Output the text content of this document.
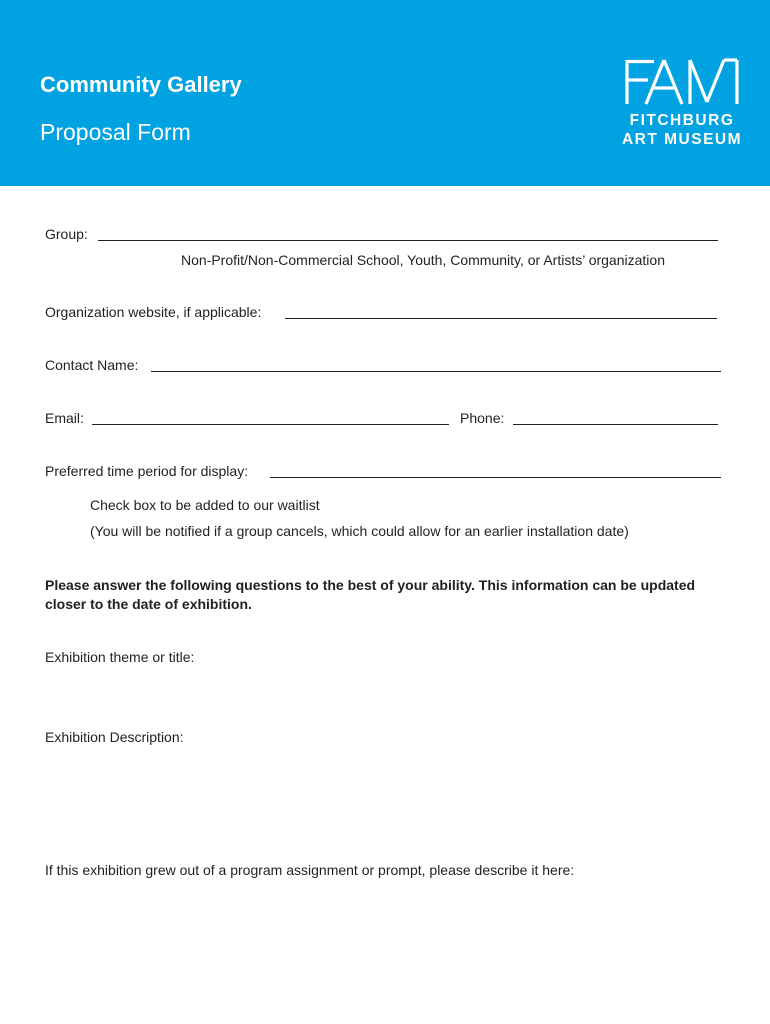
Community Gallery
Proposal Form	FITCHBURG
ART MUSEUM
Group:
Non-Profit/Non-Commercial School, Youth, Community, or Artists’ organization
Organization website, if applicable:
Contact Name:
Email:	Phone:
Preferred time period for display:
Check box to be added to our waitlist
(You will be notified if a group cancels, which could allow for an earlier installation date)
Please answer the following questions to the best of your ability. This information can be updated closer to the date of exhibition.
Exhibition theme or title:
Exhibition Description:
If this exhibition grew out of a program assignment or prompt, please describe it here:
